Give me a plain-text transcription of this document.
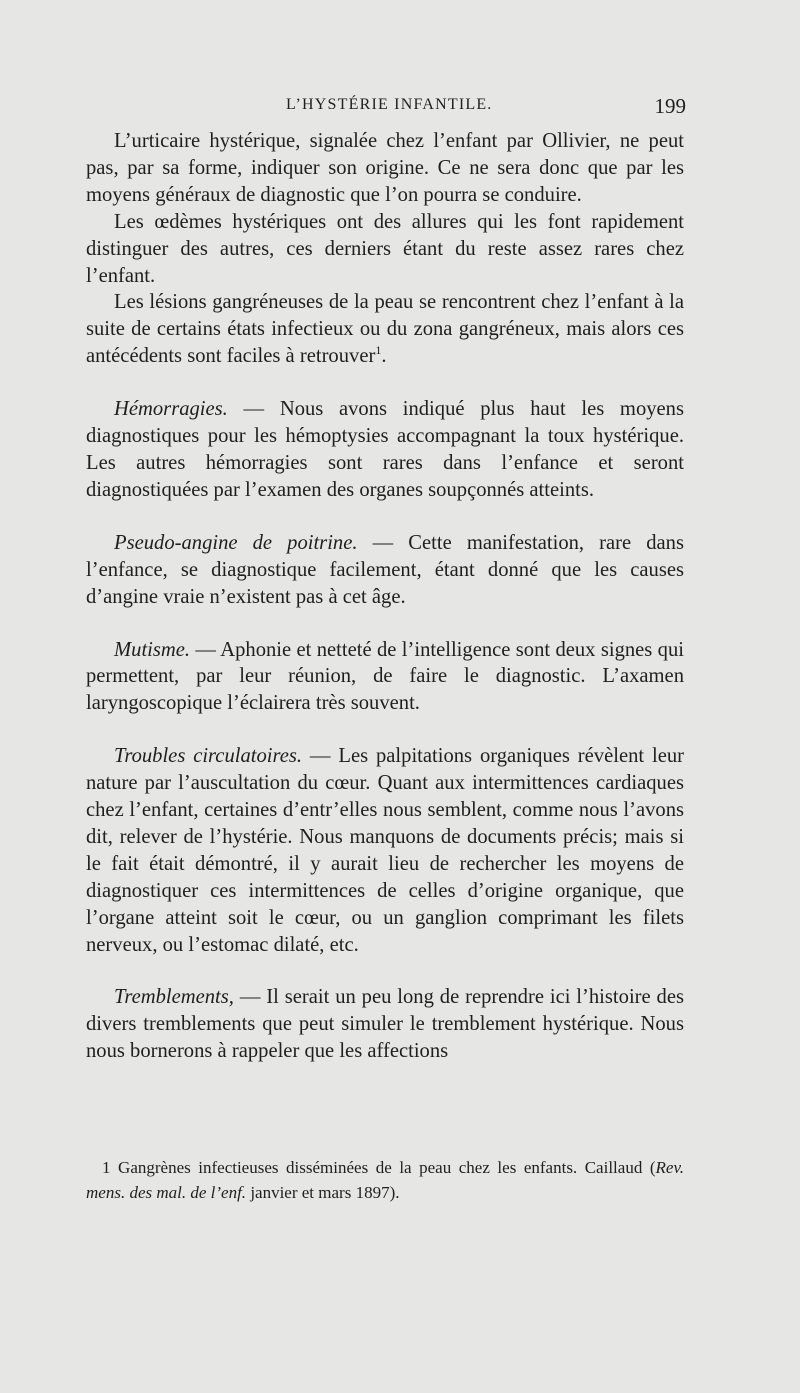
L’HYSTÉRIE INFANTILE.	199

L’urticaire hystérique, signalée chez l’enfant par Ollivier, ne peut pas, par sa forme, indiquer son origine. Ce ne sera donc que par les moyens généraux de diagnostic que l’on pourra se conduire.

Les œdèmes hystériques ont des allures qui les font rapidement distinguer des autres, ces derniers étant du reste assez rares chez l’enfant.

Les lésions gangréneuses de la peau se rencontrent chez l’enfant à la suite de certains états infectieux ou du zona gangréneux, mais alors ces antécédents sont faciles à retrouver$^1$.

Hémorragies. — Nous avons indiqué plus haut les moyens diagnostiques pour les hémoptysies accompagnant la toux hystérique. Les autres hémorragies sont rares dans l’enfance et seront diagnostiquées par l’examen des organes soupçonnés atteints.

Pseudo-angine de poitrine. — Cette manifestation, rare dans l’enfance, se diagnostique facilement, étant donné que les causes d’angine vraie n’existent pas à cet âge.

Mutisme. — Aphonie et netteté de l’intelligence sont deux signes qui permettent, par leur réunion, de faire le diagnostic. L’axamen laryngoscopique l’éclairera très souvent.

Troubles circulatoires. — Les palpitations organiques révèlent leur nature par l’auscultation du cœur. Quant aux intermittences cardiaques chez l’enfant, certaines d’entr’elles nous semblent, comme nous l’avons dit, relever de l’hystérie. Nous manquons de documents précis; mais si le fait était démontré, il y aurait lieu de rechercher les moyens de diagnostiquer ces intermittences de celles d’origine organique, que l’organe atteint soit le cœur, ou un ganglion comprimant les filets nerveux, ou l’estomac dilaté, etc.

Tremblements, — Il serait un peu long de reprendre ici l’histoire des divers tremblements que peut simuler le tremblement hystérique. Nous nous bornerons à rappeler que les affections

1 Gangrènes infectieuses disséminées de la peau chez les enfants. Caillaud (Rev. mens. des mal. de l’enf. janvier et mars 1897).
